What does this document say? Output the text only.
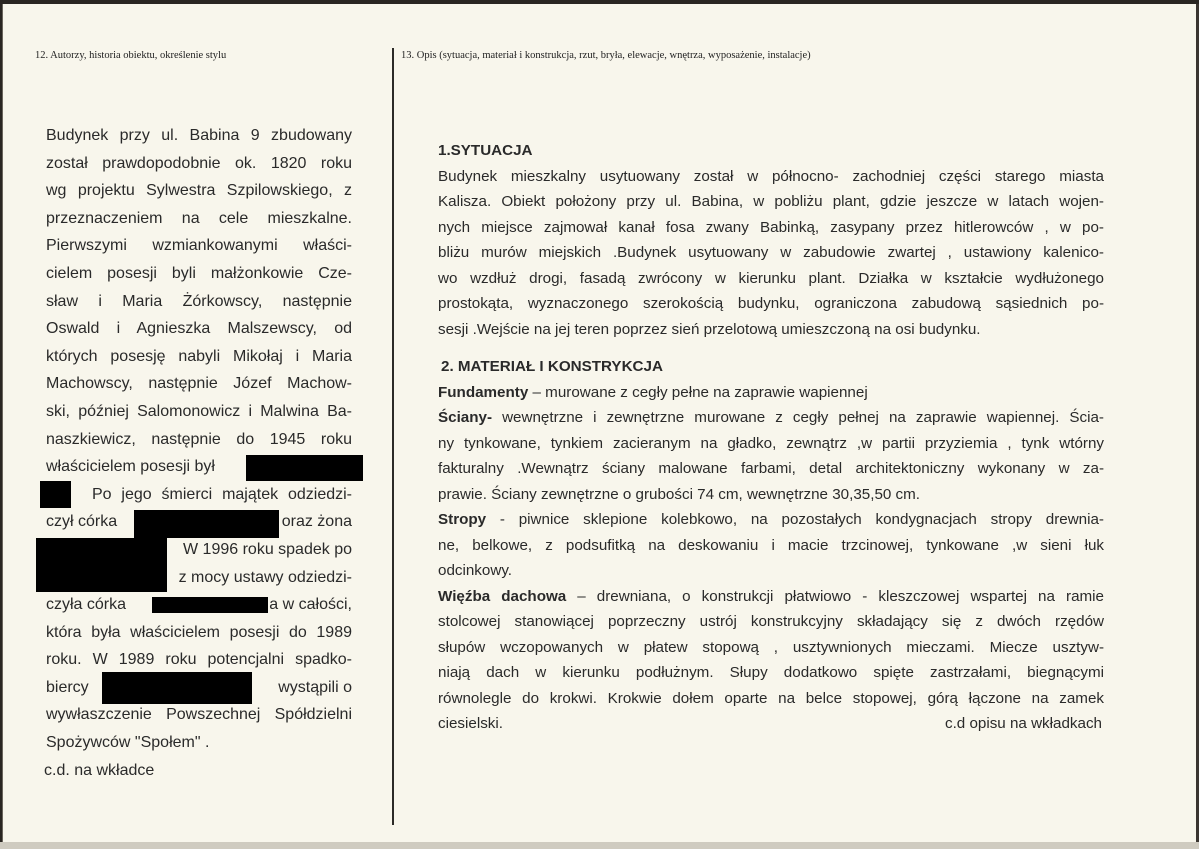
12. Autorzy, historia obiektu, określenie stylu	13. Opis (sytuacja, materiał i konstrukcja, rzut, bryła, elewacje, wnętrza, wyposażenie, instalacje)
Budynek przy ul. Babina 9 zbudowany
został prawdopodobnie ok. 1820 roku
wg projektu Sylwestra Szpilowskiego, z
przeznaczeniem na cele mieszkalne.
Pierwszymi wzmiankowanymi właści-
cielem posesji byli małżonkowie Cze-
sław i Maria Żórkowscy, następnie
Oswald i Agnieszka Malszewscy, od
których posesję nabyli Mikołaj i Maria
Machowscy, następnie Józef Machow-
ski, później Salomonowicz i Malwina Ba-
naszkiewicz, następnie do 1945 roku
właścicielem posesji był
Po jego śmierci majątek odziedzi-
czył córka	oraz żona
W 1996 roku spadek po
z mocy ustawy odziedzi-
czyła córka	a w całości,
która była właścicielem posesji do 1989
roku. W 1989 roku potencjalni spadko-
biercy	wystąpili o
wywłaszczenie Powszechnej Spółdzielni
Spożywców "Społem" .
c.d. na wkładce
1.SYTUACJA
Budynek mieszkalny usytuowany został w północno- zachodniej części starego miasta
Kalisza. Obiekt położony przy ul. Babina, w pobliżu plant, gdzie jeszcze w latach wojen-
nych miejsce zajmował kanał fosa zwany Babinką, zasypany przez hitlerowców , w po-
bliżu murów miejskich .Budynek usytuowany w zabudowie zwartej , ustawiony kalenico-
wo wzdłuż drogi, fasadą zwrócony w kierunku plant. Działka w kształcie wydłużonego
prostokąta, wyznaczonego szerokością budynku, ograniczona zabudową sąsiednich po-
sesji .Wejście na jej teren poprzez sień przelotową umieszczoną na osi budynku.
2. MATERIAŁ I KONSTRYKCJA
Fundamenty – murowane z cegły pełne na zaprawie wapiennej
Ściany- wewnętrzne i zewnętrzne murowane z cegły pełnej na zaprawie wapiennej. Ścia-
ny tynkowane, tynkiem zacieranym na gładko, zewnątrz ,w partii przyziemia , tynk wtórny
fakturalny .Wewnątrz ściany malowane farbami, detal architektoniczny wykonany w za-
prawie. Ściany zewnętrzne o grubości 74 cm, wewnętrzne 30,35,50 cm.
Stropy - piwnice sklepione kolebkowo, na pozostałych kondygnacjach stropy drewnia-
ne, belkowe, z podsufitką na deskowaniu i macie trzcinowej, tynkowane ,w sieni łuk
odcinkowy.
Więźba dachowa – drewniana, o konstrukcji płatwiowo - kleszczowej wspartej na ramie
stolcowej stanowiącej poprzeczny ustrój konstrukcyjny składający się z dwóch rzędów
słupów wczopowanych w płatew stopową , usztywnionych mieczami. Miecze usztyw-
niają dach w kierunku podłużnym. Słupy dodatkowo spięte zastrzałami, biegnącymi
równolegle do krokwi. Krokwie dołem oparte na belce stopowej, górą łączone na zamek
ciesielski.	c.d opisu na wkładkach
